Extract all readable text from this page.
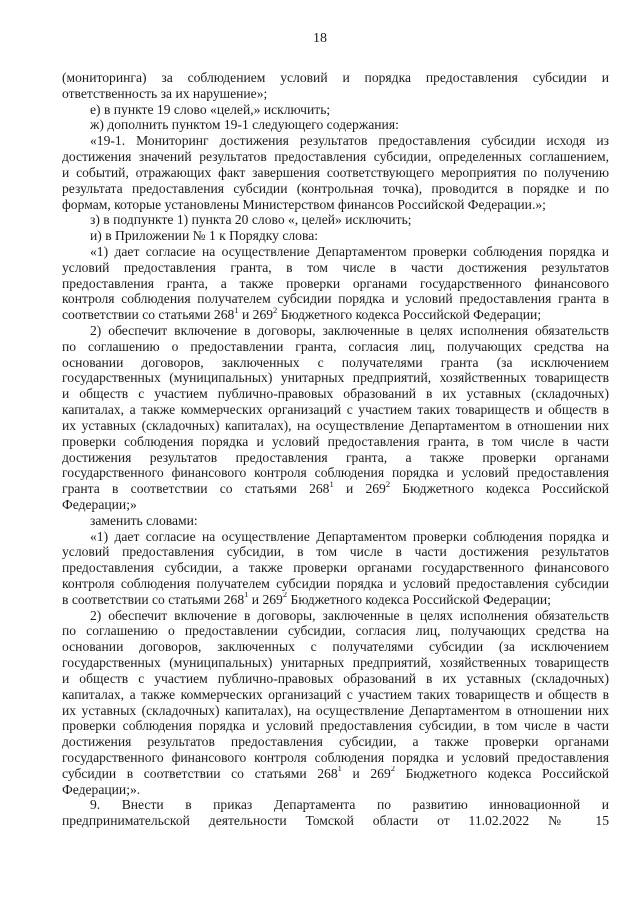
18
(мониторинга) за соблюдением условий и порядка предоставления субсидии и
ответственность за их нарушение»;
е) в пункте 19 слово «целей,» исключить;
ж) дополнить пунктом 19-1 следующего содержания:
«19-1. Мониторинг достижения результатов предоставления субсидии исходя из
достижения значений результатов предоставления субсидии, определенных соглашением,
и событий, отражающих факт завершения соответствующего мероприятия по получению
результата предоставления субсидии (контрольная точка), проводится в порядке и по
формам, которые установлены Министерством финансов Российской Федерации.»;
з) в подпункте 1) пункта 20 слово «, целей» исключить;
и) в Приложении № 1 к Порядку слова:
«1) дает согласие на осуществление Департаментом проверки соблюдения порядка и
условий предоставления гранта, в том числе в части достижения результатов
предоставления гранта, а также проверки органами государственного финансового
контроля соблюдения получателем субсидии порядка и условий предоставления гранта в
соответствии со статьями $268^1$ и $269^2$ Бюджетного кодекса Российской Федерации;
2) обеспечит включение в договоры, заключенные в целях исполнения обязательств
по соглашению о предоставлении гранта, согласия лиц, получающих средства на
основании договоров, заключенных с получателями гранта (за исключением
государственных (муниципальных) унитарных предприятий, хозяйственных товариществ
и обществ с участием публично-правовых образований в их уставных (складочных)
капиталах, а также коммерческих организаций с участием таких товариществ и обществ в
их уставных (складочных) капиталах), на осуществление Департаментом в отношении них
проверки соблюдения порядка и условий предоставления гранта, в том числе в части
достижения результатов предоставления гранта, а также проверки органами
государственного финансового контроля соблюдения порядка и условий предоставления
гранта в соответствии со статьями $268^1$ и $269^2$ Бюджетного кодекса Российской
Федерации;»
заменить словами:
«1) дает согласие на осуществление Департаментом проверки соблюдения порядка и
условий предоставления субсидии, в том числе в части достижения результатов
предоставления субсидии, а также проверки органами государственного финансового
контроля соблюдения получателем субсидии порядка и условий предоставления субсидии
в соответствии со статьями $268^1$ и $269^2$ Бюджетного кодекса Российской Федерации;
2) обеспечит включение в договоры, заключенные в целях исполнения обязательств
по соглашению о предоставлении субсидии, согласия лиц, получающих средства на
основании договоров, заключенных с получателями субсидии (за исключением
государственных (муниципальных) унитарных предприятий, хозяйственных товариществ
и обществ с участием публично-правовых образований в их уставных (складочных)
капиталах, а также коммерческих организаций с участием таких товариществ и обществ в
их уставных (складочных) капиталах), на осуществление Департаментом в отношении них
проверки соблюдения порядка и условий предоставления субсидии, в том числе в части
достижения результатов предоставления субсидии, а также проверки органами
государственного финансового контроля соблюдения порядка и условий предоставления
субсидии в соответствии со статьями $268^1$ и $269^2$ Бюджетного кодекса Российской
Федерации;».
9. Внести в приказ Департамента по развитию инновационной и
предпринимательской деятельности Томской области от 11.02.2022 № 15
